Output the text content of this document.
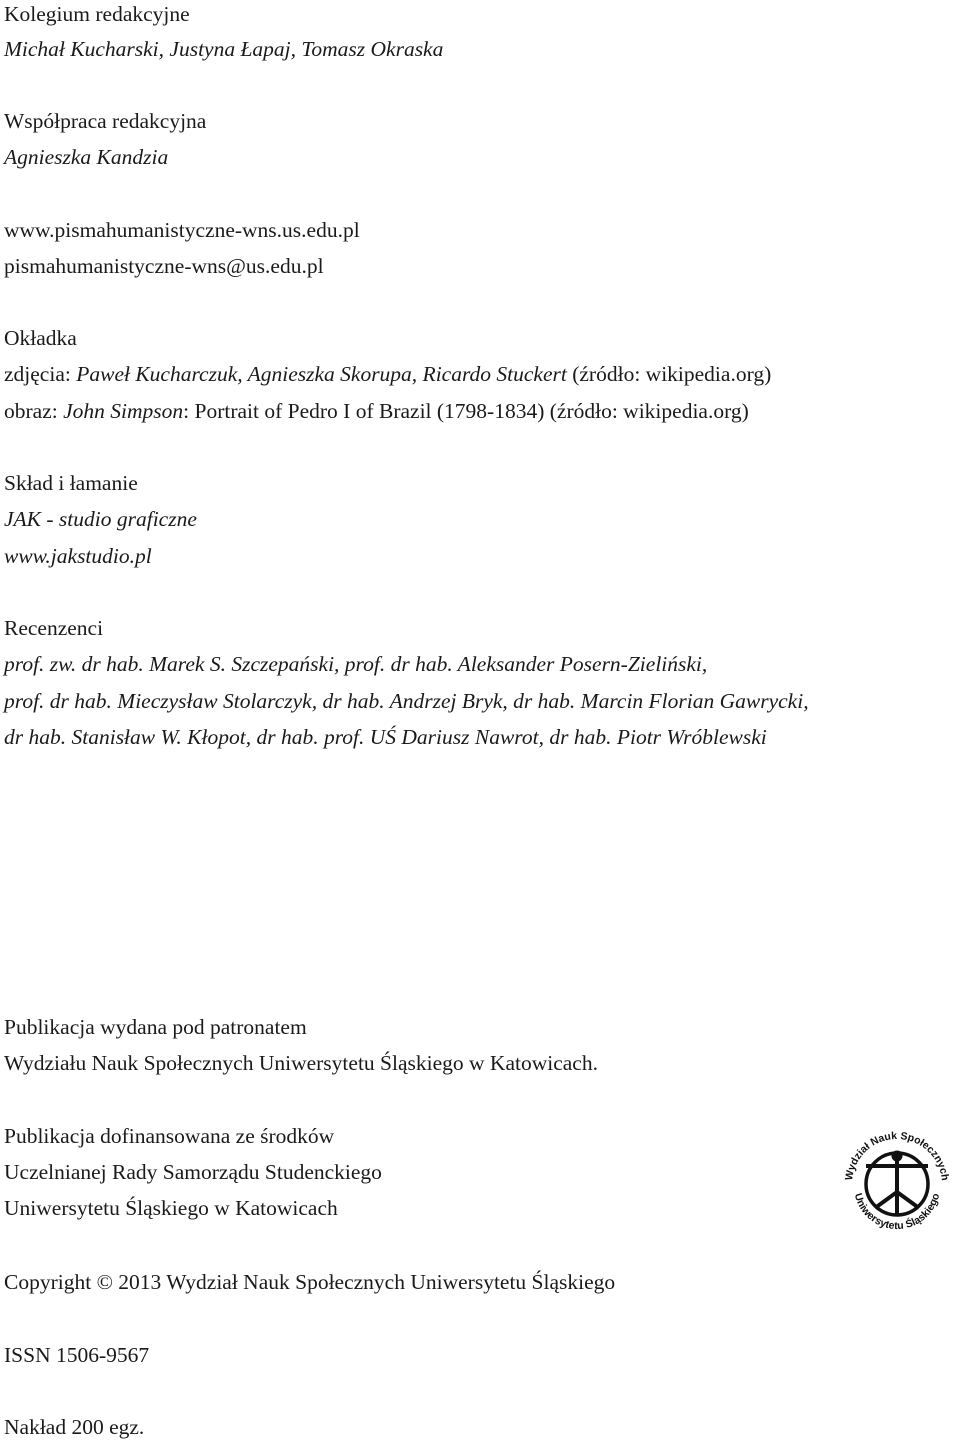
Kolegium redakcyjne
Michał Kucharski, Justyna Łapaj, Tomasz Okraska
Współpraca redakcyjna
Agnieszka Kandzia
www.pismahumanistyczne-wns.us.edu.pl
pismahumanistyczne-wns@us.edu.pl
Okładka
zdjęcia: Paweł Kucharczuk, Agnieszka Skorupa, Ricardo Stuckert (źródło: wikipedia.org)
obraz: John Simpson: Portrait of Pedro I of Brazil (1798-1834) (źródło: wikipedia.org)
Skład i łamanie
JAK - studio graficzne
www.jakstudio.pl
Recenzenci
prof. zw. dr hab. Marek S. Szczepański, prof. dr hab. Aleksander Posern-Zieliński,
prof. dr hab. Mieczysław Stolarczyk, dr hab. Andrzej Bryk, dr hab. Marcin Florian Gawrycki,
dr hab. Stanisław W. Kłopot, dr hab. prof. UŚ Dariusz Nawrot, dr hab. Piotr Wróblewski
Publikacja wydana pod patronatem
Wydziału Nauk Społecznych Uniwersytetu Śląskiego w Katowicach.
Publikacja dofinansowana ze środków
Uczelnianej Rady Samorządu Studenckiego
Uniwersytetu Śląskiego w Katowicach
Wydział Nauk Społecznych
Uniwersytetu Śląskiego
Copyright © 2013 Wydział Nauk Społecznych Uniwersytetu Śląskiego
ISSN 1506-9567
Nakład 200 egz.
